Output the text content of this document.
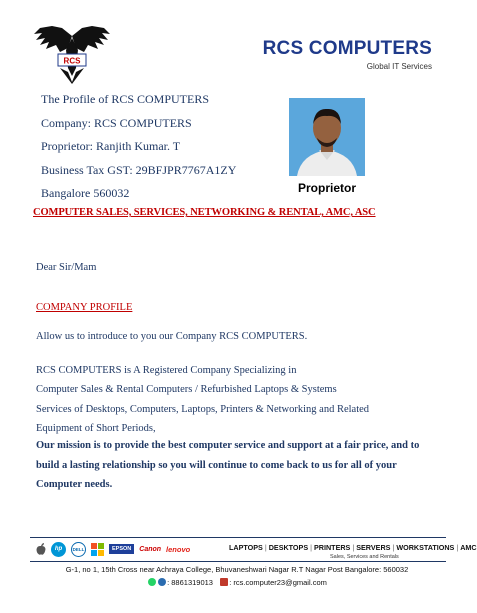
RCS
RCS COMPUTERS
Global IT Services
The Profile of RCS COMPUTERS
Company: RCS COMPUTERS
Proprietor: Ranjith Kumar. T
Business Tax GST: 29BFJPR7767A1ZY
Bangalore 560032	Proprietor
COMPUTER SALES, SERVICES, NETWORKING & RENTAL, AMC, ASC
Dear Sir/Mam
COMPANY PROFILE
Allow us to introduce to you our Company RCS COMPUTERS.
RCS COMPUTERS is A Registered Company Specializing in
Computer Sales & Rental Computers / Refurbished Laptops & Systems
Services of Desktops, Computers, Laptops, Printers & Networking and Related
Equipment of Short Periods,
Our mission is to provide the best computer service and support at a fair price, and to
build a lasting relationship so you will continue to come back to us for all of your
Computer needs.
hp DELL	EPSON Canon lenovo	LAPTOPS | DESKTOPS | PRINTERS | SERVERS | WORKSTATIONS | AMC
Sales, Services and Rentals
G-1, no 1, 15th Cross near Achraya College, Bhuvaneshwari Nagar R.T Nagar Post Bangalore: 560032
: 8861319013 : rcs.computer23@gmail.com
